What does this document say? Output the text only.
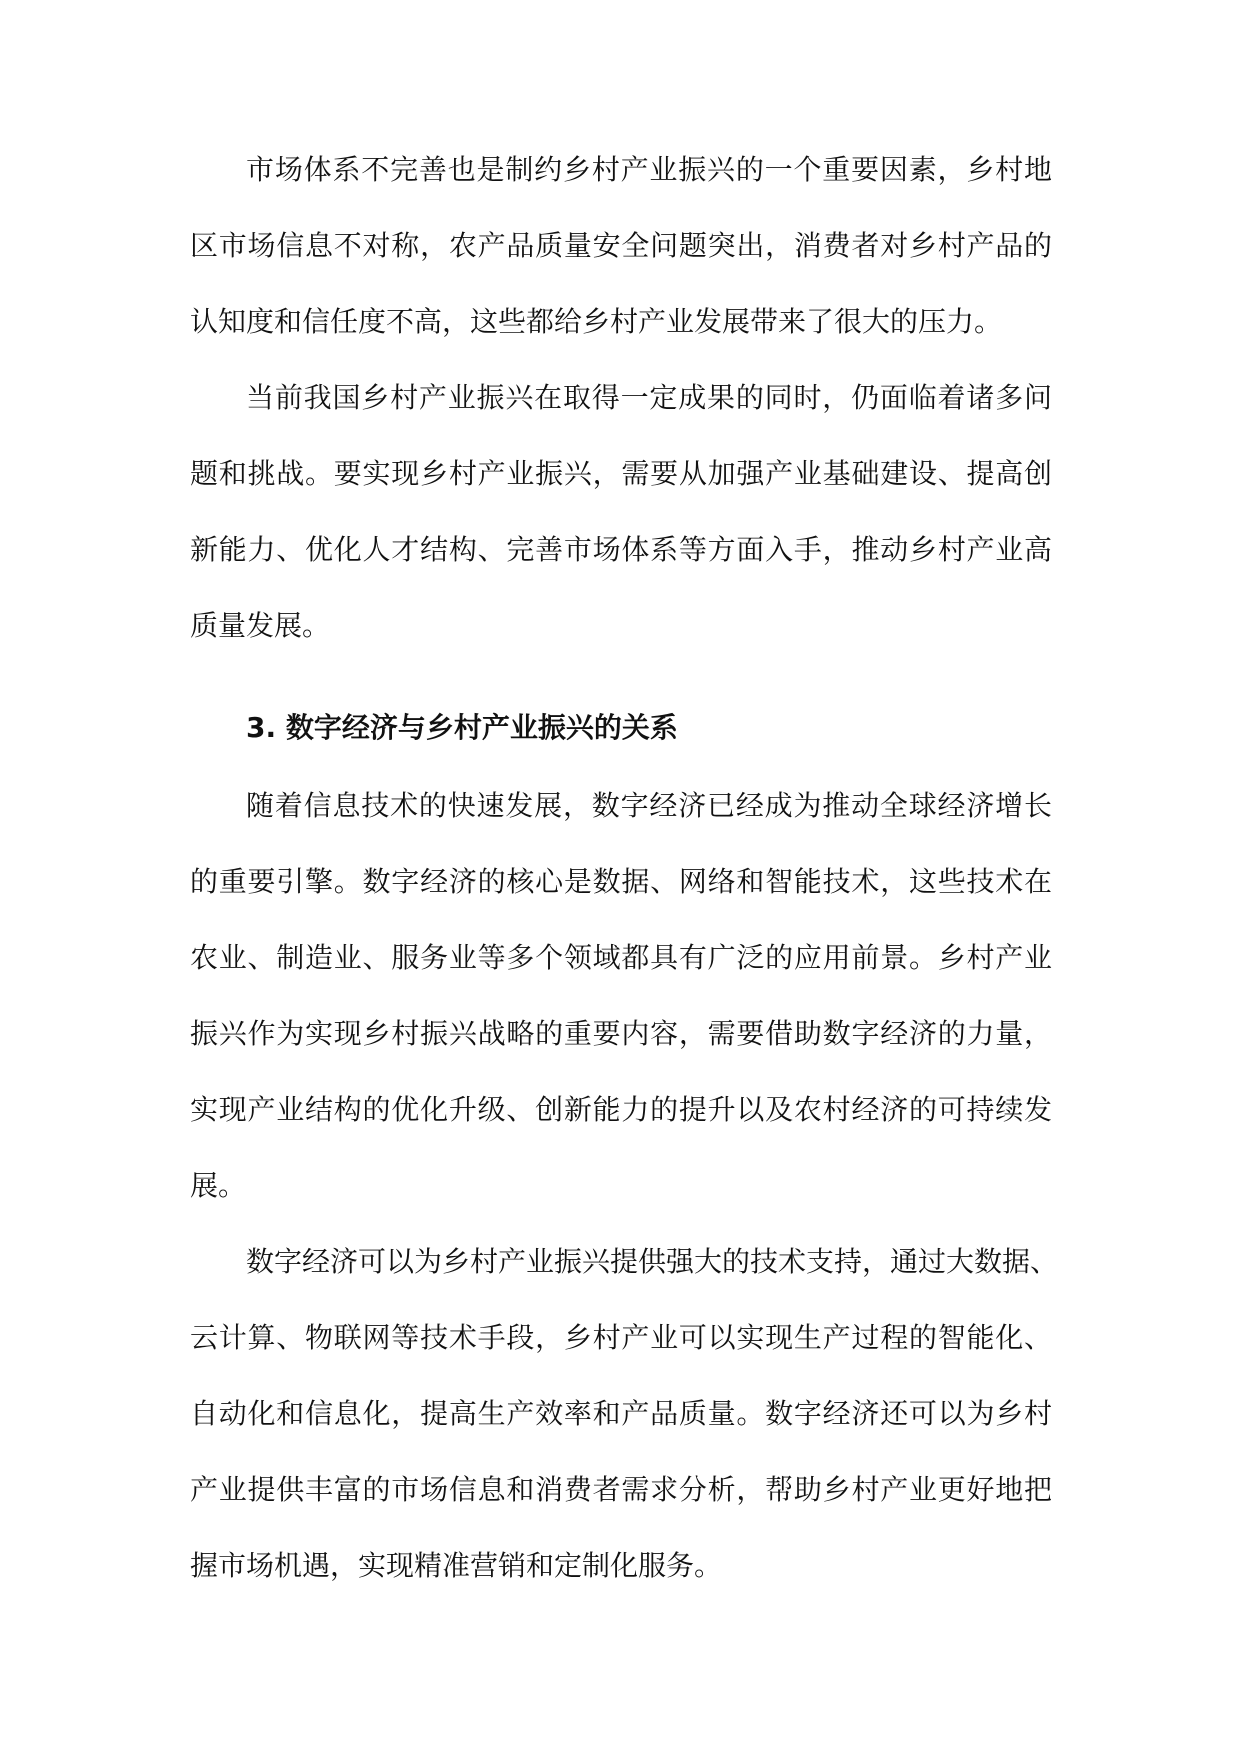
市场体系不完善也是制约乡村产业振兴的一个重要因素，乡村地
区市场信息不对称，农产品质量安全问题突出，消费者对乡村产品的
认知度和信任度不高，这些都给乡村产业发展带来了很大的压力。
当前我国乡村产业振兴在取得一定成果的同时，仍面临着诸多问
题和挑战。要实现乡村产业振兴，需要从加强产业基础建设、提高创
新能力、优化人才结构、完善市场体系等方面入手，推动乡村产业高
质量发展。
3. 数字经济与乡村产业振兴的关系
随着信息技术的快速发展，数字经济已经成为推动全球经济增长
的重要引擎。数字经济的核心是数据、网络和智能技术，这些技术在
农业、制造业、服务业等多个领域都具有广泛的应用前景。乡村产业
振兴作为实现乡村振兴战略的重要内容，需要借助数字经济的力量，
实现产业结构的优化升级、创新能力的提升以及农村经济的可持续发
展。
数字经济可以为乡村产业振兴提供强大的技术支持，通过大数据、
云计算、物联网等技术手段，乡村产业可以实现生产过程的智能化、
自动化和信息化，提高生产效率和产品质量。数字经济还可以为乡村
产业提供丰富的市场信息和消费者需求分析，帮助乡村产业更好地把
握市场机遇，实现精准营销和定制化服务。
